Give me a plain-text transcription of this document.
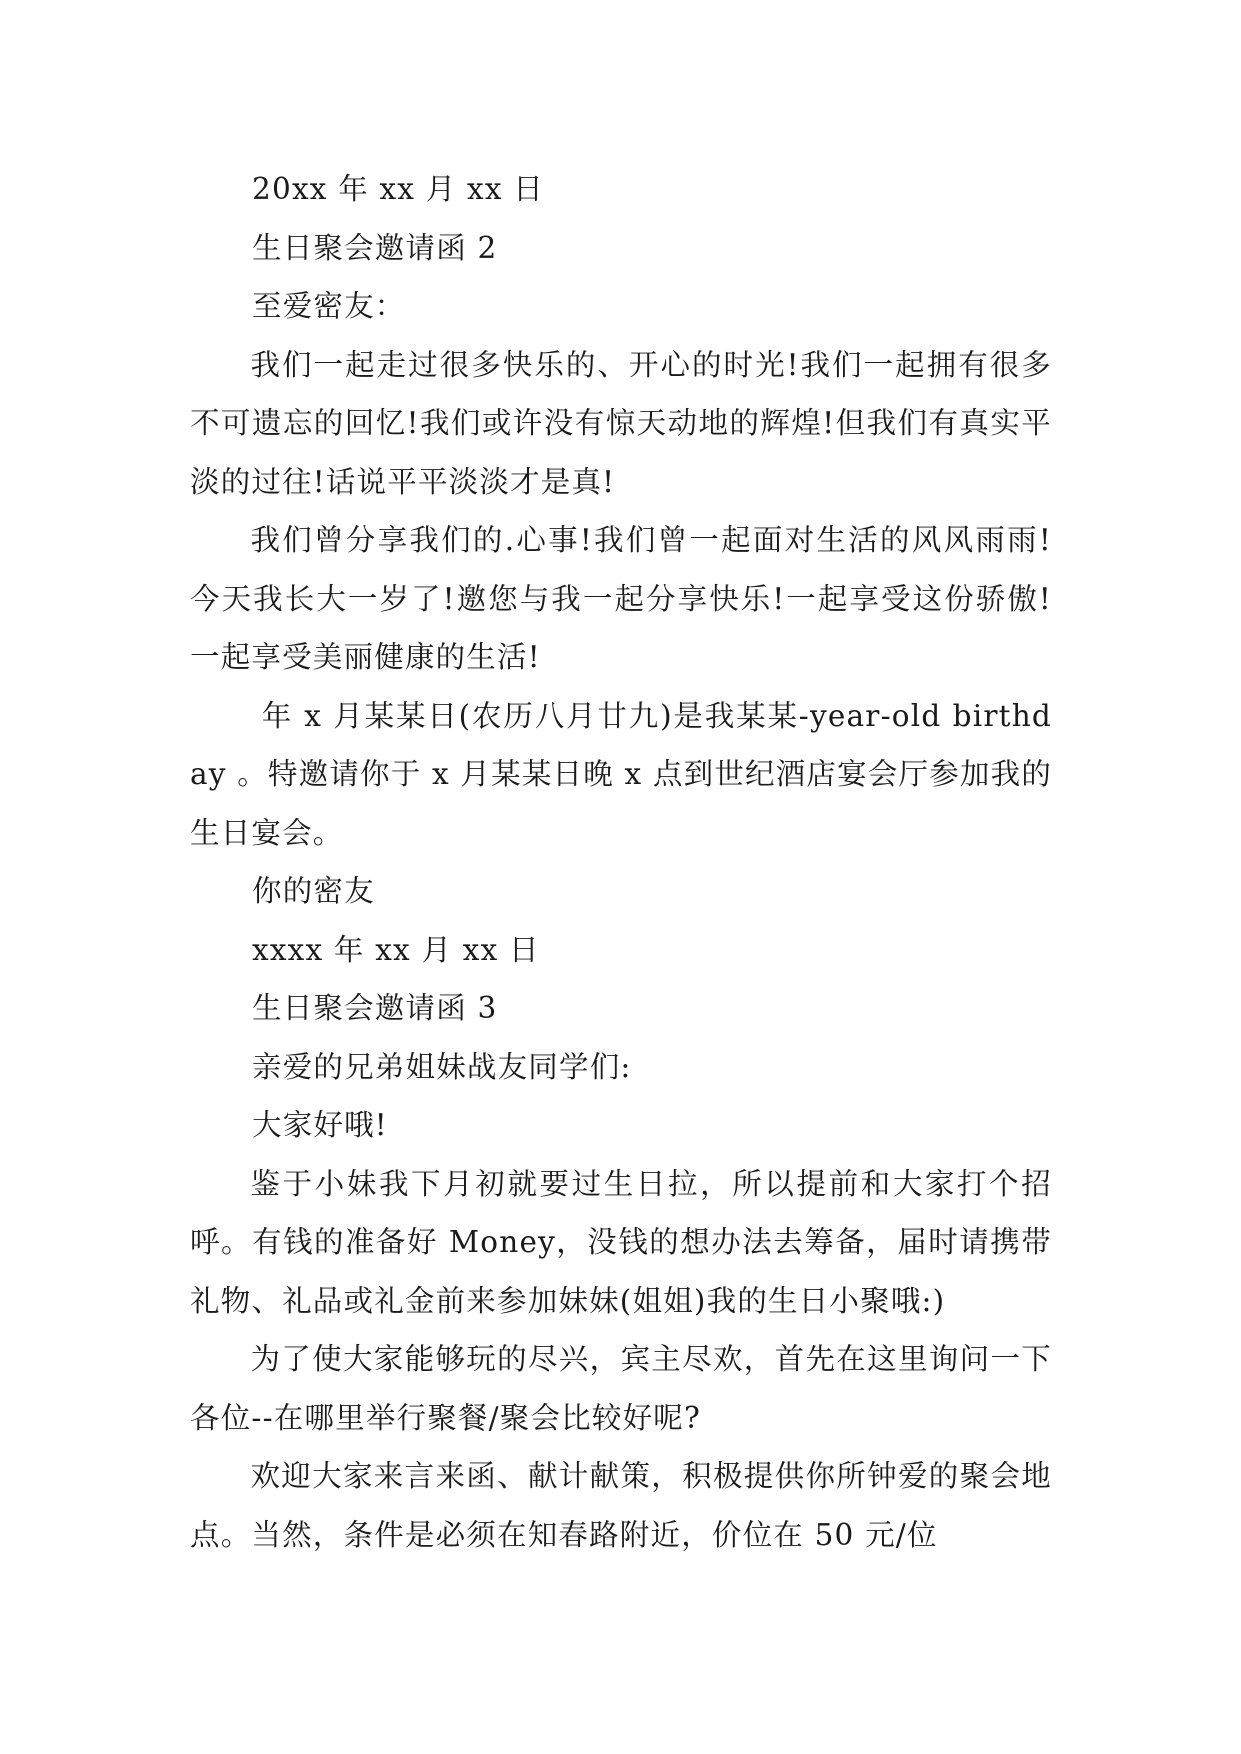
20xx 年 xx 月 xx 日

生日聚会邀请函 2

至爱密友：

我们一起走过很多快乐的、开心的时光!我们一起拥有很多不可遗忘的回忆!我们或许没有惊天动地的辉煌!但我们有真实平淡的过往!话说平平淡淡才是真!

我们曾分享我们的.心事!我们曾一起面对生活的风风雨雨!今天我长大一岁了!邀您与我一起分享快乐!一起享受这份骄傲!一起享受美丽健康的生活!

年 x 月某某日(农历八月廿九)是我某某-year-old birthday 。特邀请你于 x 月某某日晚 x 点到世纪酒店宴会厅参加我的生日宴会。

你的密友

xxxx 年 xx 月 xx 日

生日聚会邀请函 3

亲爱的兄弟姐妹战友同学们:

大家好哦!

鉴于小妹我下月初就要过生日拉，所以提前和大家打个招呼。有钱的准备好 Money，没钱的想办法去筹备，届时请携带礼物、礼品或礼金前来参加妹妹(姐姐)我的生日小聚哦:)

为了使大家能够玩的尽兴，宾主尽欢，首先在这里询问一下各位--在哪里举行聚餐/聚会比较好呢?

欢迎大家来言来函、献计献策，积极提供你所钟爱的聚会地点。当然，条件是必须在知春路附近，价位在 50 元/位
